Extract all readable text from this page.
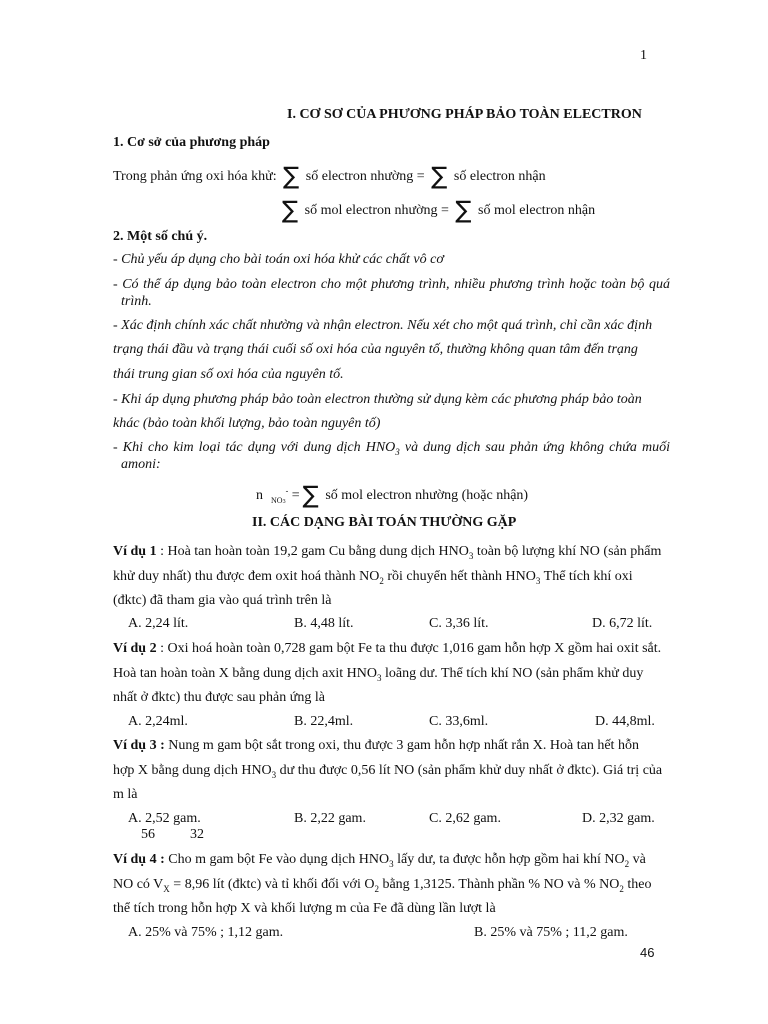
1
I. CƠ SƠ CỦA PHƯƠNG PHÁP BẢO TOÀN ELECTRON
1. Cơ sở của phương pháp
Trong phản ứng oxi hóa khử: ∑ số electron nhường = ∑ số electron nhận
∑ số mol electron nhường = ∑ số mol electron nhận
2. Một số chú ý.
- Chủ yếu áp dụng cho bài toán oxi hóa khử các chất vô cơ
- Có thể áp dụng bảo toàn electron cho một phương trình, nhiều phương trình hoặc toàn bộ quá trình.
- Xác định chính xác chất nhường và nhận electron. Nếu xét cho một quá trình, chỉ cần xác định
trạng thái đầu và trạng thái cuối số oxi hóa của nguyên tố, thường không quan tâm đến trạng
thái trung gian số oxi hóa của nguyên tố.
- Khi áp dụng phương pháp bảo toàn electron thường sử dụng kèm các phương pháp bảo toàn
khác (bảo toàn khối lượng, bảo toàn nguyên tố)
- Khi cho kim loại tác dụng với dung dịch $HNO_3$ và dung dịch sau phản ứng không chứa muối amoni:
n $_{NO3}$- = ∑ số mol electron nhường (hoặc nhận)
II. CÁC DẠNG BÀI TOÁN THƯỜNG GẶP
Ví dụ 1 : Hoà tan hoàn toàn 19,2 gam Cu bằng dung dịch $HNO_3$ toàn bộ lượng khí NO (sản phẩm
khử duy nhất) thu được đem oxit hoá thành $NO_2$ rồi chuyển hết thành $HNO_3$ Thể tích khí oxi
(đktc) đã tham gia vào quá trình trên là
A. 2,24 lít.	B. 4,48 lít.	C. 3,36 lít.	D. 6,72 lít.
Ví dụ 2 : Oxi hoá hoàn toàn 0,728 gam bột Fe ta thu được 1,016 gam hỗn hợp X gồm hai oxit sắt.
Hoà tan hoàn toàn X bằng dung dịch axit $HNO_3$ loãng dư. Thể tích khí NO (sản phẩm khử duy
nhất ở đktc) thu được sau phản ứng là
A. 2,24ml.	B. 22,4ml.	C. 33,6ml.	D. 44,8ml.
Ví dụ 3 : Nung m gam bột sắt trong oxi, thu được 3 gam hỗn hợp nhất rắn X. Hoà tan hết hỗn
hợp X bằng dung dịch $HNO_3$ dư thu được 0,56 lít NO (sản phẩm khử duy nhất ở đktc). Giá trị của
m là
A. 2,52 gam.	B. 2,22 gam.	C. 2,62 gam.	D. 2,32 gam.
56          32
Ví dụ 4 : Cho m gam bột Fe vào dụng dịch $HNO_3$ lấy dư, ta được hỗn hợp gồm hai khí $NO_2$ và
NO có $V_X = 8,96$ lít (đktc) và tỉ khối đối với $O_2$ bằng 1,3125. Thành phần % NO và % $NO_2$ theo
thể tích trong hỗn hợp X và khối lượng m của Fe đã dùng lần lượt là
A. 25% và 75% ; 1,12 gam.	B. 25% và 75% ; 11,2 gam.
46
